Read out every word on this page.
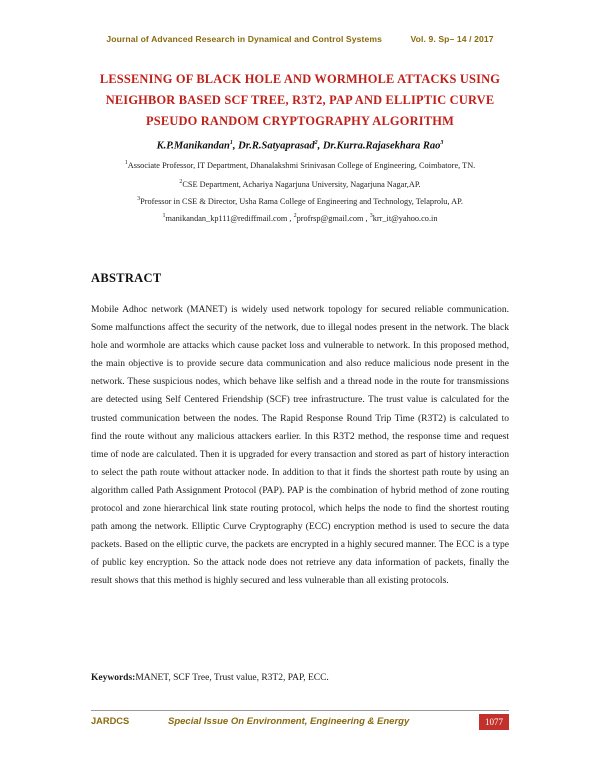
Journal of Advanced Research in Dynamical and Control Systems	Vol. 9. Sp– 14 / 2017
LESSENING OF BLACK HOLE AND WORMHOLE ATTACKS USING
NEIGHBOR BASED SCF TREE, R3T2, PAP AND ELLIPTIC CURVE
PSEUDO RANDOM CRYPTOGRAPHY ALGORITHM
K.P.Manikandan$^1$, Dr.R.Satyaprasad$^2$, Dr.Kurra.Rajasekhara Rao$^3$
$^1$Associate Professor, IT Department, Dhanalakshmi Srinivasan College of Engineering, Coimbatore, TN.
$^2$CSE Department, Achariya Nagarjuna University, Nagarjuna Nagar,AP.
$^3$Professor in CSE & Director, Usha Rama College of Engineering and Technology, Telaprolu, AP.
$^1$manikandan_kp111@rediffmail.com , $^2$profrsp@gmail.com , $^3$krr_it@yahoo.co.in
ABSTRACT

Mobile Adhoc network (MANET) is widely used network topology for secured reliable communication. Some malfunctions affect the security of the network, due to illegal nodes present in the network. The black hole and wormhole are attacks which cause packet loss and vulnerable to network. In this proposed method, the main objective is to provide secure data communication and also reduce malicious node present in the network. These suspicious nodes, which behave like selfish and a thread node in the route for transmissions are detected using Self Centered Friendship (SCF) tree infrastructure. The trust value is calculated for the trusted communication between the nodes. The Rapid Response Round Trip Time (R3T2) is calculated to find the route without any malicious attackers earlier. In this R3T2 method, the response time and request time of node are calculated. Then it is upgraded for every transaction and stored as part of history interaction to select the path route without attacker node. In addition to that it finds the shortest path route by using an algorithm called Path Assignment Protocol (PAP). PAP is the combination of hybrid method of zone routing protocol and zone hierarchical link state routing protocol, which helps the node to find the shortest routing path among the network. Elliptic Curve Cryptography (ECC) encryption method is used to secure the data packets. Based on the elliptic curve, the packets are encrypted in a highly secured manner. The ECC is a type of public key encryption. So the attack node does not retrieve any data information of packets, finally the result shows that this method is highly secured and less vulnerable than all existing protocols.

Keywords:MANET, SCF Tree, Trust value, R3T2, PAP, ECC.
JARDCS	Special Issue On Environment, Engineering & Energy	1077
